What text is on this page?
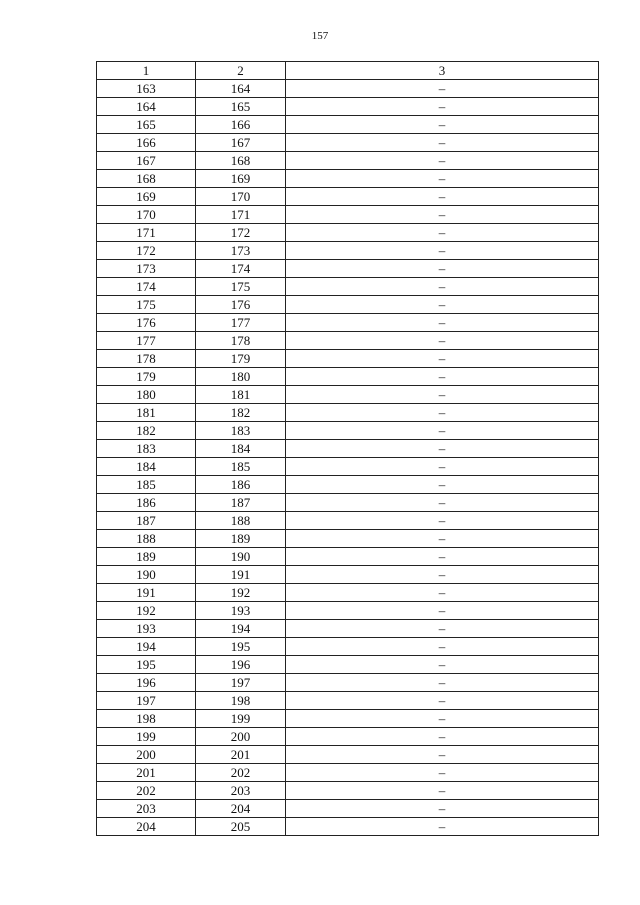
157
1	2	3
163	164	–
164	165	–
165	166	–
166	167	–
167	168	–
168	169	–
169	170	–
170	171	–
171	172	–
172	173	–
173	174	–
174	175	–
175	176	–
176	177	–
177	178	–
178	179	–
179	180	–
180	181	–
181	182	–
182	183	–
183	184	–
184	185	–
185	186	–
186	187	–
187	188	–
188	189	–
189	190	–
190	191	–
191	192	–
192	193	–
193	194	–
194	195	–
195	196	–
196	197	–
197	198	–
198	199	–
199	200	–
200	201	–
201	202	–
202	203	–
203	204	–
204	205	–
